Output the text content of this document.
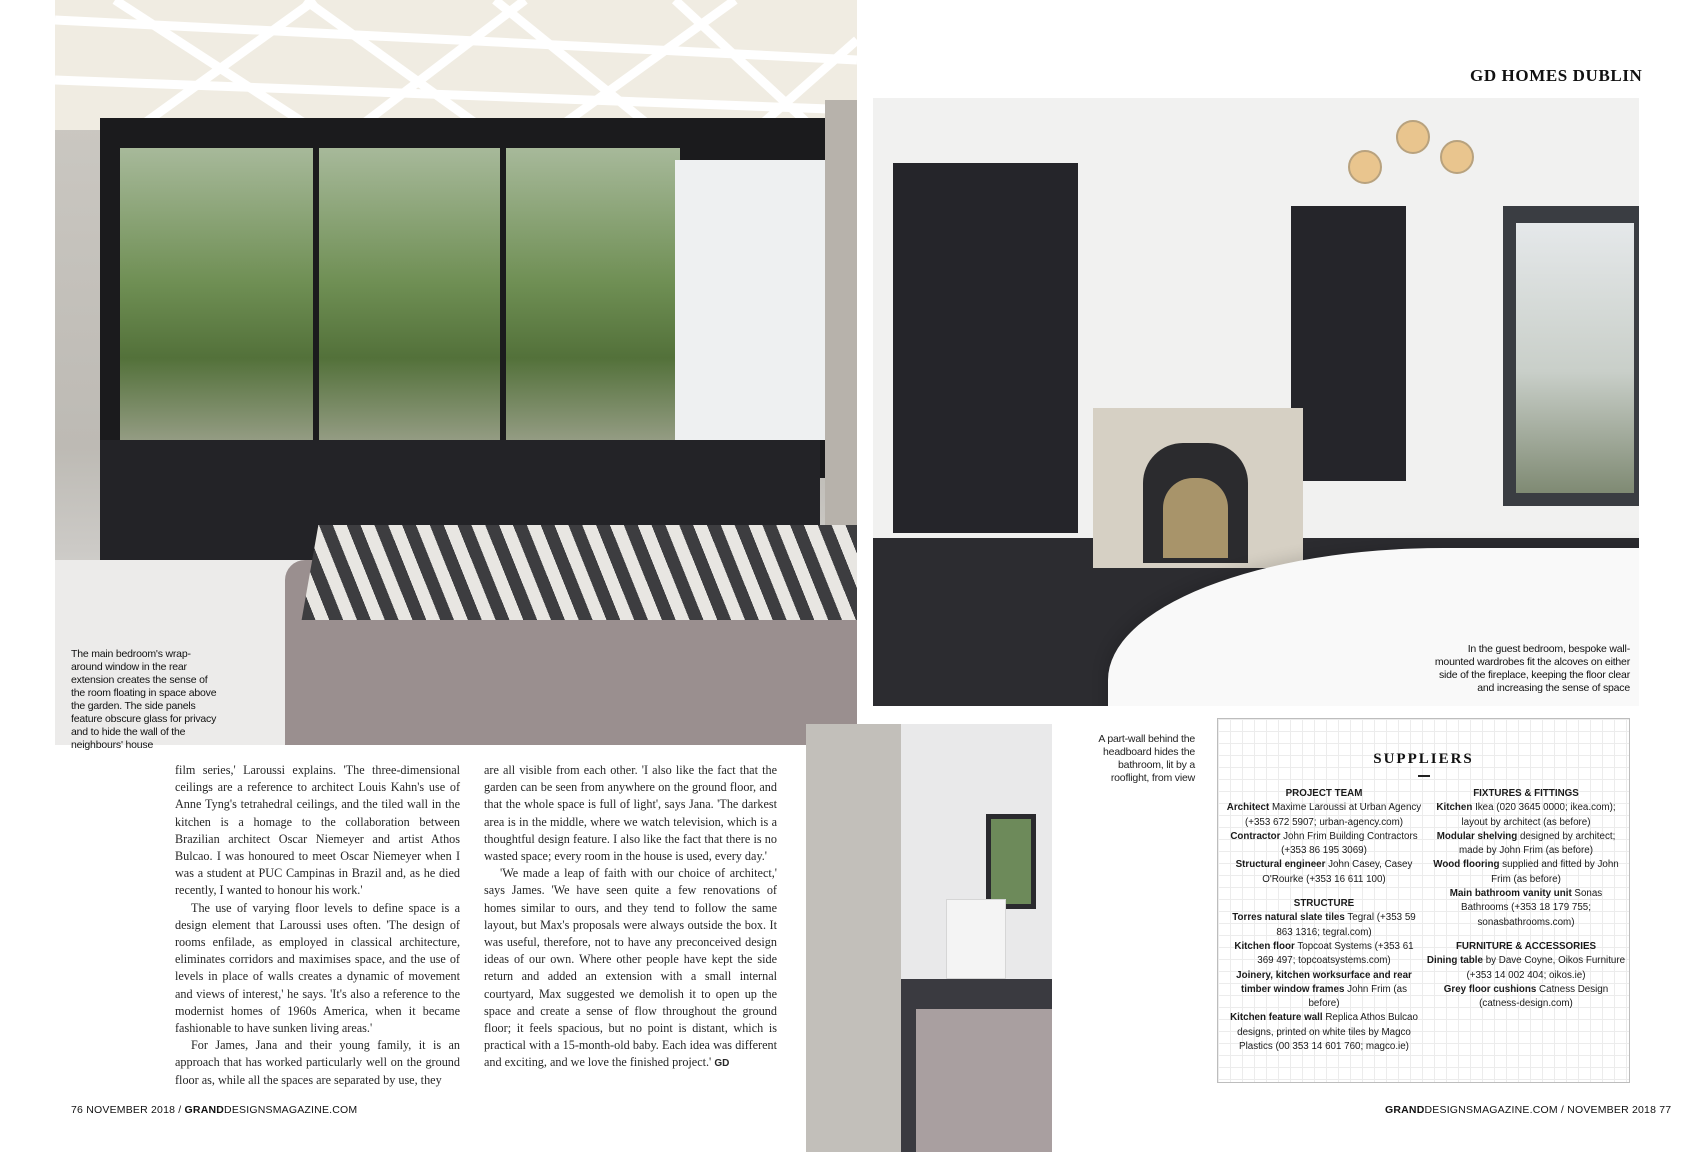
GD HOMES DUBLIN
The main bedroom's wrap-around window in the rear extension creates the sense of the room floating in space above the garden. The side panels feature obscure glass for privacy and to hide the wall of the neighbours' house
In the guest bedroom, bespoke wall-mounted wardrobes fit the alcoves on either side of the fireplace, keeping the floor clear and increasing the sense of space
A part-wall behind the headboard hides the bathroom, lit by a rooflight, from view

film series,' Laroussi explains. 'The three-dimensional ceilings are a reference to architect Louis Kahn's use of Anne Tyng's tetrahedral ceilings, and the tiled wall in the kitchen is a homage to the collaboration between Brazilian architect Oscar Niemeyer and artist Athos Bulcao. I was honoured to meet Oscar Niemeyer when I was a student at PUC Campinas in Brazil and, as he died recently, I wanted to honour his work.'

The use of varying floor levels to define space is a design element that Laroussi uses often. 'The design of rooms enfilade, as employed in classical architecture, eliminates corridors and maximises space, and the use of levels in place of walls creates a dynamic of movement and views of interest,' he says. 'It's also a reference to the modernist homes of 1960s America, when it became fashionable to have sunken living areas.'

For James, Jana and their young family, it is an approach that has worked particularly well on the ground floor as, while all the spaces are separated by use, they

are all visible from each other. 'I also like the fact that the garden can be seen from anywhere on the ground floor, and that the whole space is full of light', says Jana. 'The darkest area is in the middle, where we watch television, which is a thoughtful design feature. I also like the fact that there is no wasted space; every room in the house is used, every day.'

'We made a leap of faith with our choice of architect,' says James. 'We have seen quite a few renovations of homes similar to ours, and they tend to follow the same layout, but Max's proposals were always outside the box. It was useful, therefore, not to have any preconceived design ideas of our own. Where other people have kept the side return and added an extension with a small internal courtyard, Max suggested we demolish it to open up the space and create a sense of flow throughout the ground floor; it feels spacious, but no point is distant, which is practical with a 15-month-old baby. Each idea was different and exciting, and we love the finished project.' GD

SUPPLIERS
PROJECT TEAM
Architect Maxime Laroussi at Urban Agency (+353 672 5907; urban-agency.com)
Contractor John Frim Building Contractors (+353 86 195 3069)
Structural engineer John Casey, Casey O'Rourke (+353 16 611 100)
STRUCTURE
Torres natural slate tiles Tegral (+353 59 863 1316; tegral.com)
Kitchen floor Topcoat Systems (+353 61 369 497; topcoatsystems.com)
Joinery, kitchen worksurface and rear timber window frames John Frim (as before)
Kitchen feature wall Replica Athos Bulcao designs, printed on white tiles by Magco Plastics (00 353 14 601 760; magco.ie)
FIXTURES & FITTINGS
Kitchen Ikea (020 3645 0000; ikea.com); layout by architect (as before)
Modular shelving designed by architect; made by John Frim (as before)
Wood flooring supplied and fitted by John Frim (as before)
Main bathroom vanity unit Sonas Bathrooms (+353 18 179 755; sonasbathrooms.com)
FURNITURE & ACCESSORIES
Dining table by Dave Coyne, Oikos Furniture (+353 14 002 404; oikos.ie)
Grey floor cushions Catness Design (catness-design.com)
76 NOVEMBER 2018 / GRANDDESIGNSMAGAZINE.COM	GRANDDESIGNSMAGAZINE.COM / NOVEMBER 2018 77
